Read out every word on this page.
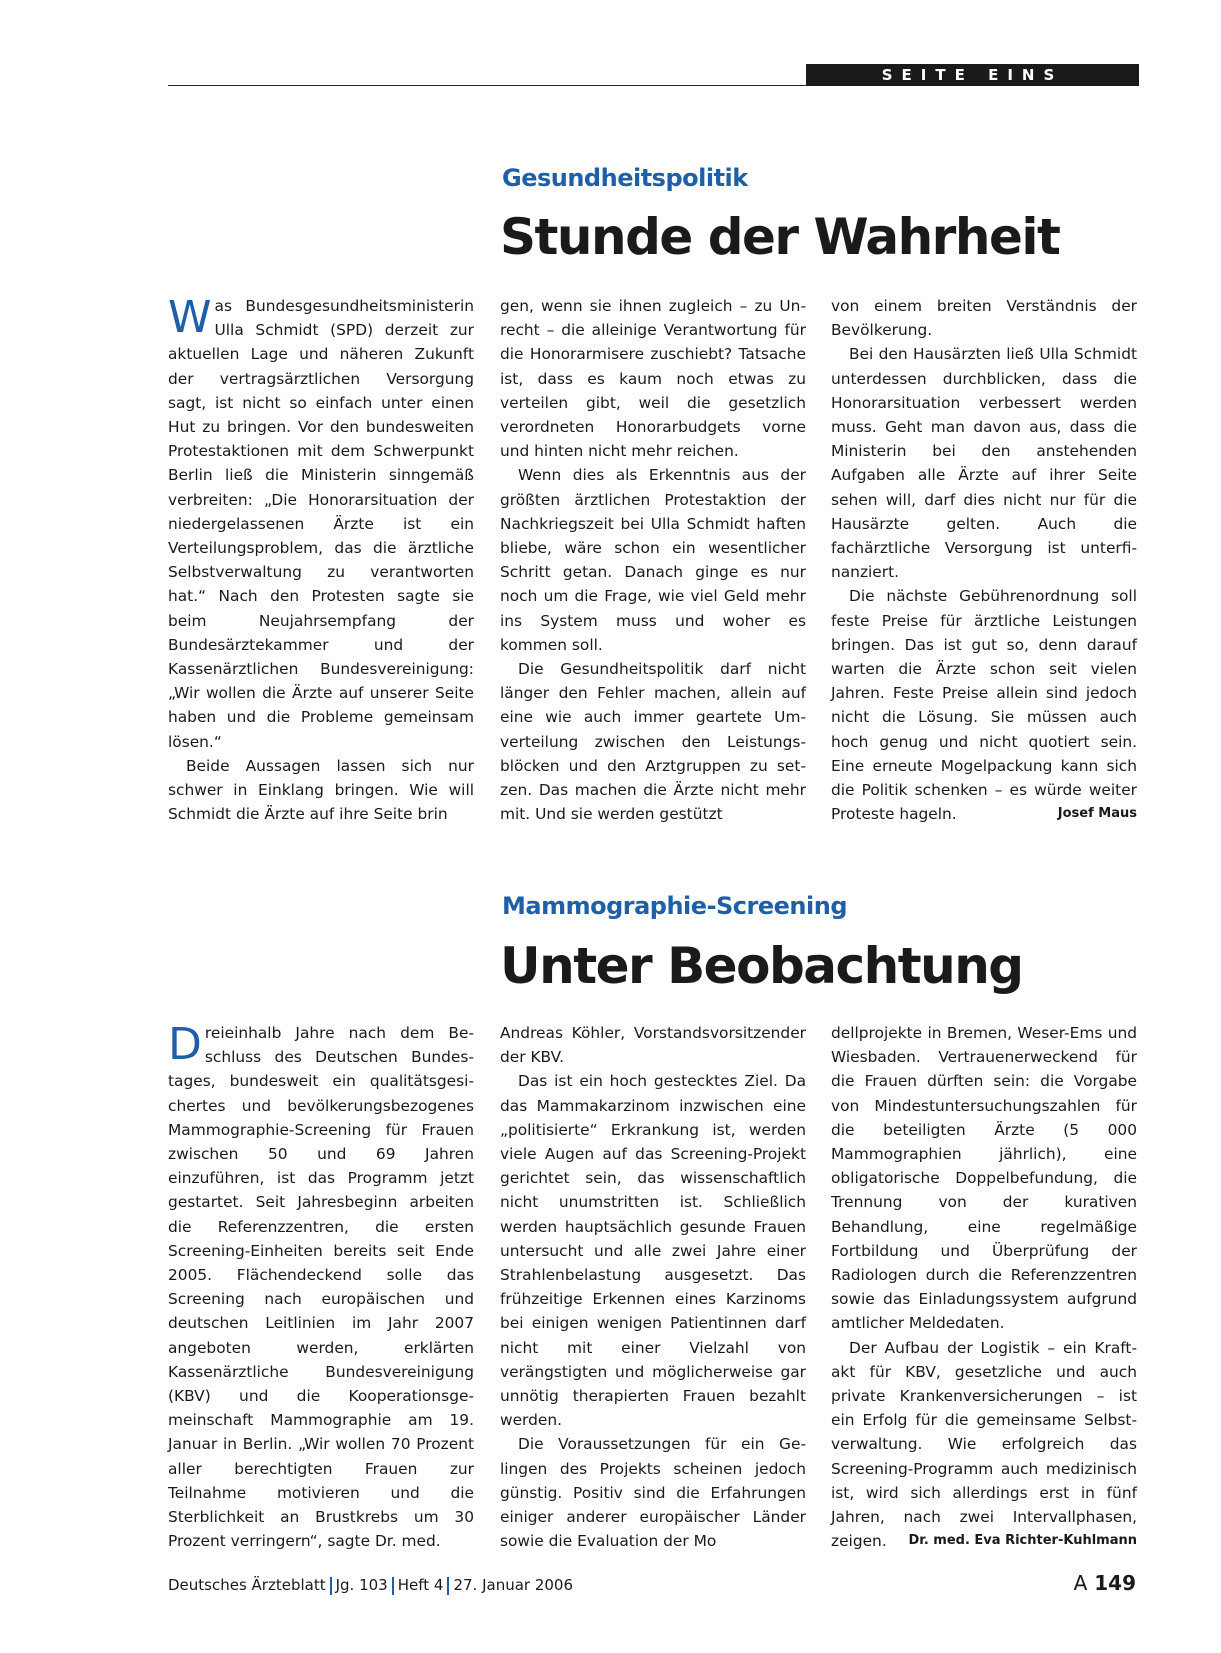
SEITE EINS
Gesundheitspolitik
Stunde der Wahrheit

Was Bundesgesundheitsministerin Ulla Schmidt (SPD) derzeit zur aktuellen Lage und näheren Zukunft der vertragsärztlichen Versorgung sagt, ist nicht so einfach unter einen Hut zu bringen. Vor den bundesweiten Protestaktionen mit dem Schwerpunkt Berlin ließ die Ministerin sinngemäß verbreiten: „Die Honorarsituation der niedergelassenen Ärzte ist ein Verteilungsproblem, das die ärztliche Selbstverwaltung zu verantworten hat.“ Nach den Protesten sagte sie beim Neujahrsempfang der Bundesärztekammer und der Kassenärztlichen Bundesvereinigung: „Wir wollen die Ärzte auf unserer Seite haben und die Probleme gemeinsam lösen.“

Beide Aussagen lassen sich nur schwer in Einklang bringen. Wie will Schmidt die Ärzte auf ihre Seite brin

gen, wenn sie ihnen zugleich – zu Unrecht – die alleinige Verantwortung für die Honorarmisere zuschiebt? Tatsache ist, dass es kaum noch etwas zu verteilen gibt, weil die gesetzlich verordneten Honorarbudgets vorne und hinten nicht mehr reichen.

Wenn dies als Erkenntnis aus der größten ärztlichen Protestaktion der Nachkriegszeit bei Ulla Schmidt haften bliebe, wäre schon ein wesentlicher Schritt getan. Danach ginge es nur noch um die Frage, wie viel Geld mehr ins System muss und woher es kommen soll.

Die Gesundheitspolitik darf nicht länger den Fehler machen, allein auf eine wie auch immer geartete Umverteilung zwischen den Leistungsblöcken und den Arztgruppen zu setzen. Das machen die Ärzte nicht mehr mit. Und sie werden gestützt

von einem breiten Verständnis der Bevölkerung.

Bei den Hausärzten ließ Ulla Schmidt unterdessen durchblicken, dass die Honorarsituation verbessert werden muss. Geht man davon aus, dass die Ministerin bei den anstehenden Aufgaben alle Ärzte auf ihrer Seite sehen will, darf dies nicht nur für die Hausärzte gelten. Auch die fachärztliche Versorgung ist unterfinanziert.

Die nächste Gebührenordnung soll feste Preise für ärztliche Leistungen bringen. Das ist gut so, denn darauf warten die Ärzte schon seit vielen Jahren. Feste Preise allein sind jedoch nicht die Lösung. Sie müssen auch hoch genug und nicht quotiert sein. Eine erneute Mogelpackung kann sich die Politik schenken – es würde weiter Proteste hageln.	Josef Maus

Mammographie-Screening
Unter Beobachtung

Dreieinhalb Jahre nach dem Beschluss des Deutschen Bundestages, bundesweit ein qualitätsgesichertes und bevölkerungsbezogenes Mammographie-Screening für Frauen zwischen 50 und 69 Jahren einzuführen, ist das Programm jetzt gestartet. Seit Jahresbeginn arbeiten die Referenzzentren, die ersten Screening-Einheiten bereits seit Ende 2005. Flächendeckend solle das Screening nach europäischen und deutschen Leitlinien im Jahr 2007 angeboten werden, erklärten Kassenärztliche Bundesvereinigung (KBV) und die Kooperationsgemeinschaft Mammographie am 19. Januar in Berlin. „Wir wollen 70 Prozent aller berechtigten Frauen zur Teilnahme motivieren und die Sterblichkeit an Brustkrebs um 30 Prozent verringern“, sagte Dr. med.

Andreas Köhler, Vorstandsvorsitzender der KBV.

Das ist ein hoch gestecktes Ziel. Da das Mammakarzinom inzwischen eine „politisierte“ Erkrankung ist, werden viele Augen auf das Screening-Projekt gerichtet sein, das wissenschaftlich nicht unumstritten ist. Schließlich werden hauptsächlich gesunde Frauen untersucht und alle zwei Jahre einer Strahlenbelastung ausgesetzt. Das frühzeitige Erkennen eines Karzinoms bei einigen wenigen Patientinnen darf nicht mit einer Vielzahl von verängstigten und möglicherweise gar unnötig therapierten Frauen bezahlt werden.

Die Voraussetzungen für ein Gelingen des Projekts scheinen jedoch günstig. Positiv sind die Erfahrungen einiger anderer europäischer Länder sowie die Evaluation der Mo

dellprojekte in Bremen, Weser-Ems und Wiesbaden. Vertrauenerweckend für die Frauen dürften sein: die Vorgabe von Mindestuntersuchungszahlen für die beteiligten Ärzte (5 000 Mammographien jährlich), eine obligatorische Doppelbefundung, die Trennung von der kurativen Behandlung, eine regelmäßige Fortbildung und Überprüfung der Radiologen durch die Referenzzentren sowie das Einladungssystem aufgrund amtlicher Meldedaten.

Der Aufbau der Logistik – ein Kraftakt für KBV, gesetzliche und auch private Krankenversicherungen – ist ein Erfolg für die gemeinsame Selbstverwaltung. Wie erfolgreich das Screening-Programm auch medizinisch ist, wird sich allerdings erst in fünf Jahren, nach zwei Intervallphasen, zeigen.	Dr. med. Eva Richter-Kuhlmann

Deutsches Ärzteblatt Jg. 103 Heft 4 27. Januar 2006	A 149
